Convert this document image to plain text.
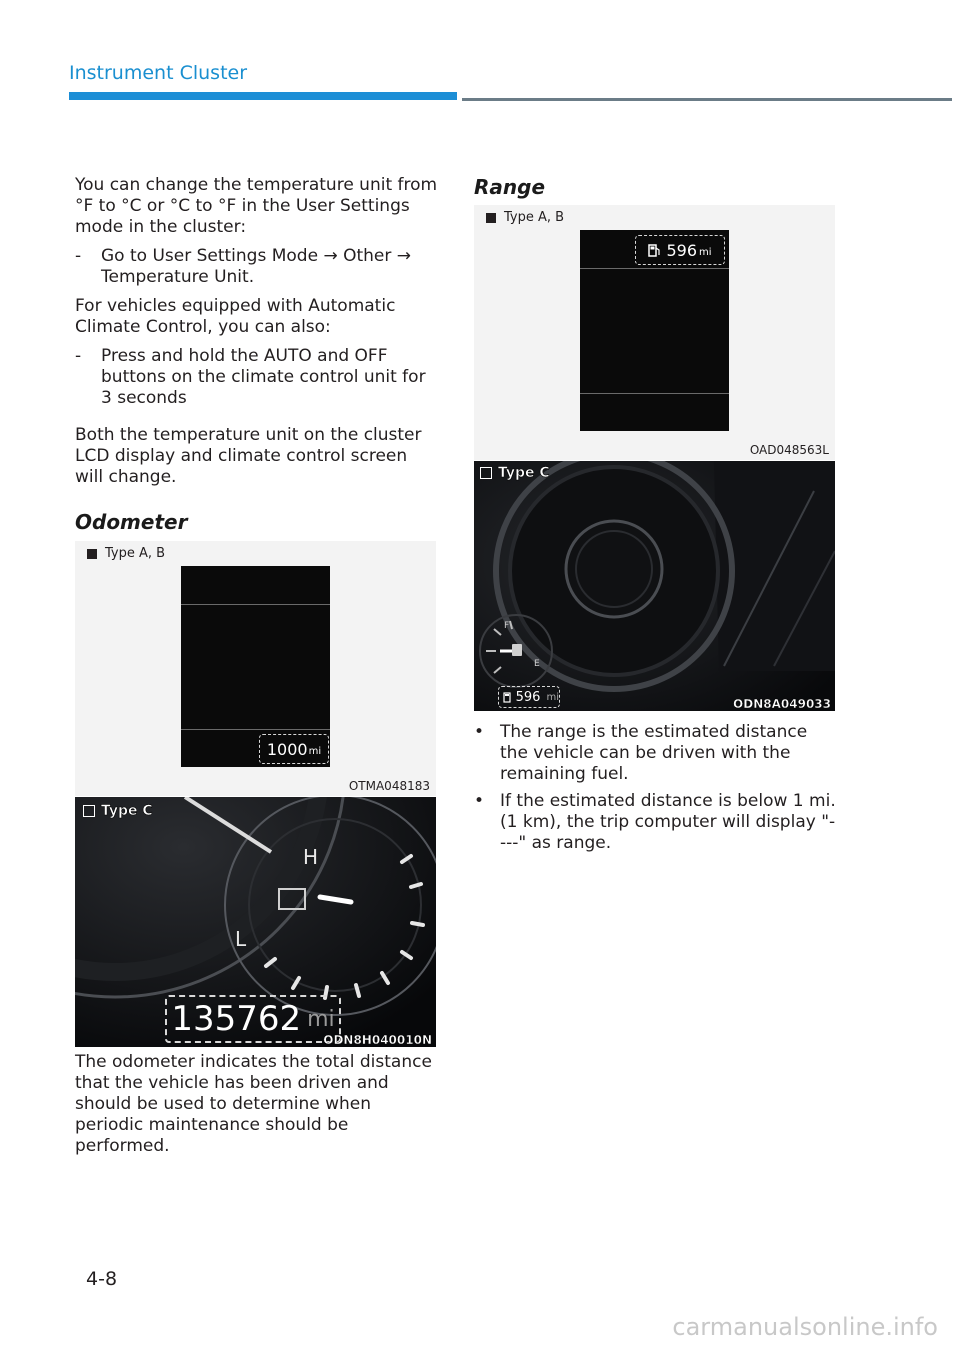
Instrument Cluster

You can change the temperature unit from °F to °C or °C to °F in the User Settings mode in the cluster:

-	Go to User Settings Mode → Other → Temperature Unit.

For vehicles equipped with Automatic Climate Control, you can also:

-	Press and hold the AUTO and OFF buttons on the climate control unit for 3 seconds

Both the temperature unit on the cluster LCD display and climate control screen will change.

Odometer
Type A, B
1000 mi
OTMA048183
Type C
H
L
135762 mi
ODN8H040010N

The odometer indicates the total distance that the vehicle has been driven and should be used to determine when periodic maintenance should be performed.

Range
Type A, B
596 mi
OAD048563L
Type C
F
E
596 mi	ODN8A049033
• The range is the estimated distance the vehicle can be driven with the remaining fuel.
• If the estimated distance is below 1 mi. (1 km), the trip computer will display "----" as range.
4-8
carmanualsonline.info
